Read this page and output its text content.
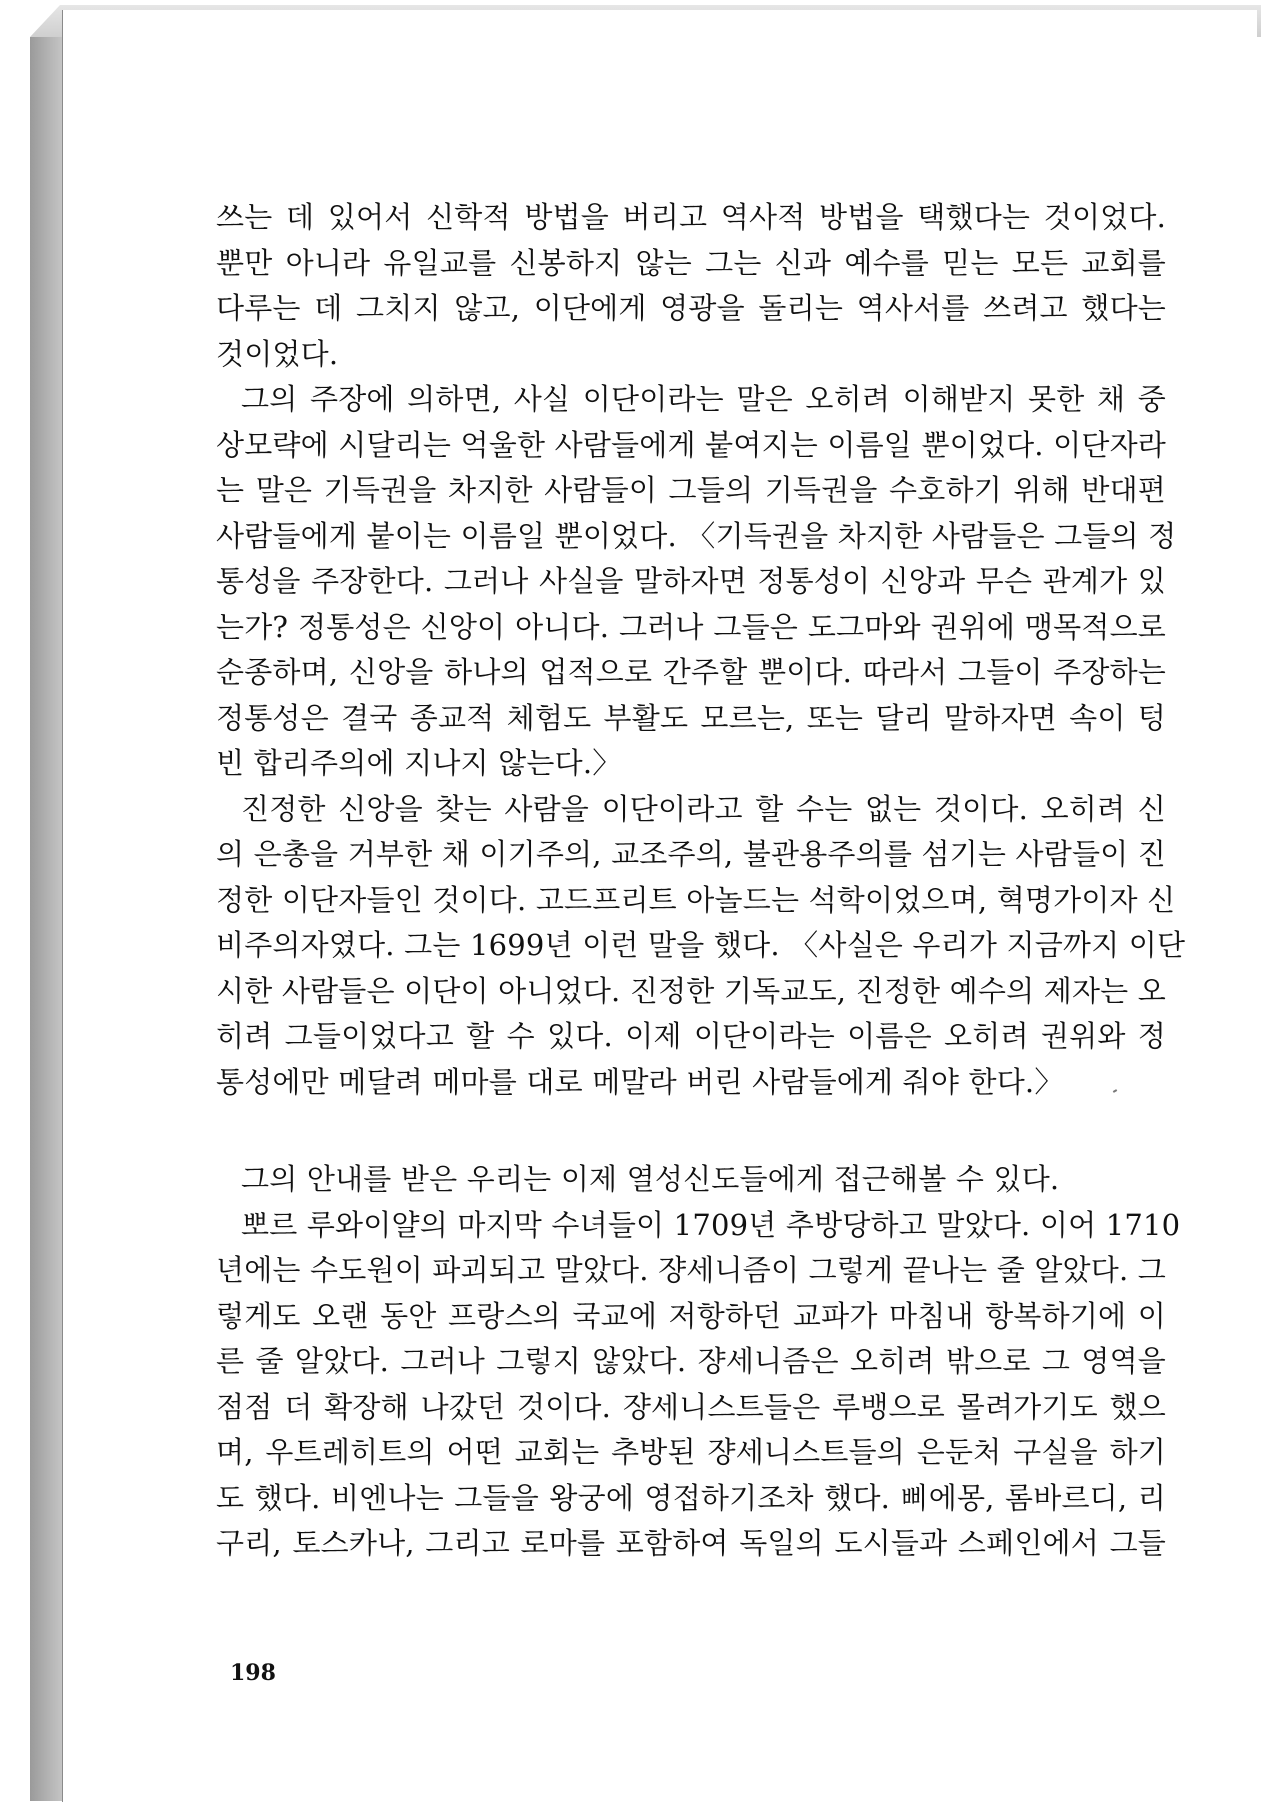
쓰는 데 있어서 신학적 방법을 버리고 역사적 방법을 택했다는 것이었다.
뿐만 아니라 유일교를 신봉하지 않는 그는 신과 예수를 믿는 모든 교회를
다루는 데 그치지 않고, 이단에게 영광을 돌리는 역사서를 쓰려고 했다는
것이었다.

그의 주장에 의하면, 사실 이단이라는 말은 오히려 이해받지 못한 채 중
상모략에 시달리는 억울한 사람들에게 붙여지는 이름일 뿐이었다. 이단자라
는 말은 기득권을 차지한 사람들이 그들의 기득권을 수호하기 위해 반대편
사람들에게 붙이는 이름일 뿐이었다. 〈기득권을 차지한 사람들은 그들의 정
통성을 주장한다. 그러나 사실을 말하자면 정통성이 신앙과 무슨 관계가 있
는가? 정통성은 신앙이 아니다. 그러나 그들은 도그마와 권위에 맹목적으로
순종하며, 신앙을 하나의 업적으로 간주할 뿐이다. 따라서 그들이 주장하는
정통성은 결국 종교적 체험도 부활도 모르는, 또는 달리 말하자면 속이 텅
빈 합리주의에 지나지 않는다.〉

진정한 신앙을 찾는 사람을 이단이라고 할 수는 없는 것이다. 오히려 신
의 은총을 거부한 채 이기주의, 교조주의, 불관용주의를 섬기는 사람들이 진
정한 이단자들인 것이다. 고드프리트 아놀드는 석학이었으며, 혁명가이자 신
비주의자였다. 그는 1699년 이런 말을 했다. 〈사실은 우리가 지금까지 이단
시한 사람들은 이단이 아니었다. 진정한 기독교도, 진정한 예수의 제자는 오
히려 그들이었다고 할 수 있다. 이제 이단이라는 이름은 오히려 권위와 정
통성에만 메달려 메마를 대로 메말라 버린 사람들에게 줘야 한다.〉

그의 안내를 받은 우리는 이제 열성신도들에게 접근해볼 수 있다.

뽀르 루와이얄의 마지막 수녀들이 1709년 추방당하고 말았다. 이어 1710
년에는 수도원이 파괴되고 말았다. 쟝세니즘이 그렇게 끝나는 줄 알았다. 그
렇게도 오랜 동안 프랑스의 국교에 저항하던 교파가 마침내 항복하기에 이
른 줄 알았다. 그러나 그렇지 않았다. 쟝세니즘은 오히려 밖으로 그 영역을
점점 더 확장해 나갔던 것이다. 쟝세니스트들은 루뱅으로 몰려가기도 했으
며, 우트레히트의 어떤 교회는 추방된 쟝세니스트들의 은둔처 구실을 하기
도 했다. 비엔나는 그들을 왕궁에 영접하기조차 했다. 삐에몽, 롬바르디, 리
구리, 토스카나, 그리고 로마를 포함하여 독일의 도시들과 스페인에서 그들

198
